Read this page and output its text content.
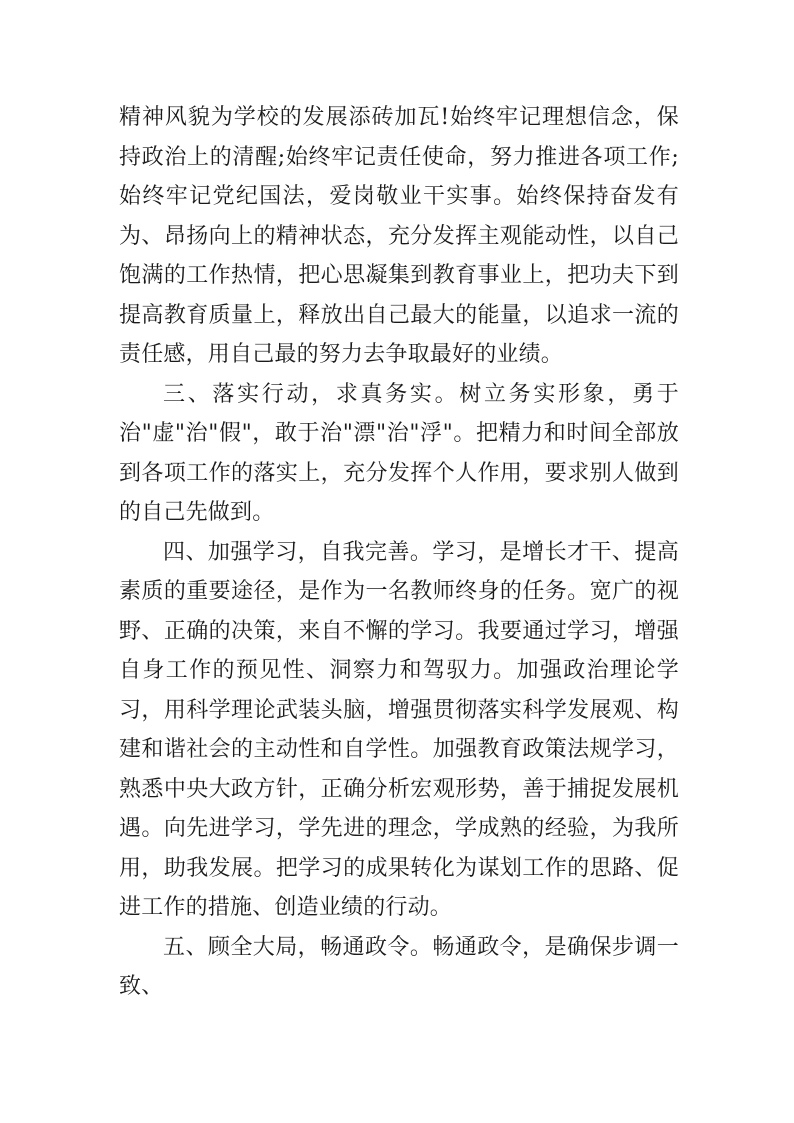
精神风貌为学校的发展添砖加瓦!始终牢记理想信念，保持政治上的清醒;始终牢记责任使命，努力推进各项工作;始终牢记党纪国法，爱岗敬业干实事。始终保持奋发有为、昂扬向上的精神状态，充分发挥主观能动性，以自己饱满的工作热情，把心思凝集到教育事业上，把功夫下到提高教育质量上，释放出自己最大的能量，以追求一流的责任感，用自己最的努力去争取最好的业绩。

三、落实行动，求真务实。树立务实形象，勇于治"虚"治"假"，敢于治"漂"治"浮"。把精力和时间全部放到各项工作的落实上，充分发挥个人作用，要求别人做到的自己先做到。

四、加强学习，自我完善。学习，是增长才干、提高素质的重要途径，是作为一名教师终身的任务。宽广的视野、正确的决策，来自不懈的学习。我要通过学习，增强自身工作的预见性、洞察力和驾驭力。加强政治理论学习，用科学理论武装头脑，增强贯彻落实科学发展观、构建和谐社会的主动性和自学性。加强教育政策法规学习，熟悉中央大政方针，正确分析宏观形势，善于捕捉发展机遇。向先进学习，学先进的理念，学成熟的经验，为我所用，助我发展。把学习的成果转化为谋划工作的思路、促进工作的措施、创造业绩的行动。

五、顾全大局，畅通政令。畅通政令，是确保步调一致、
